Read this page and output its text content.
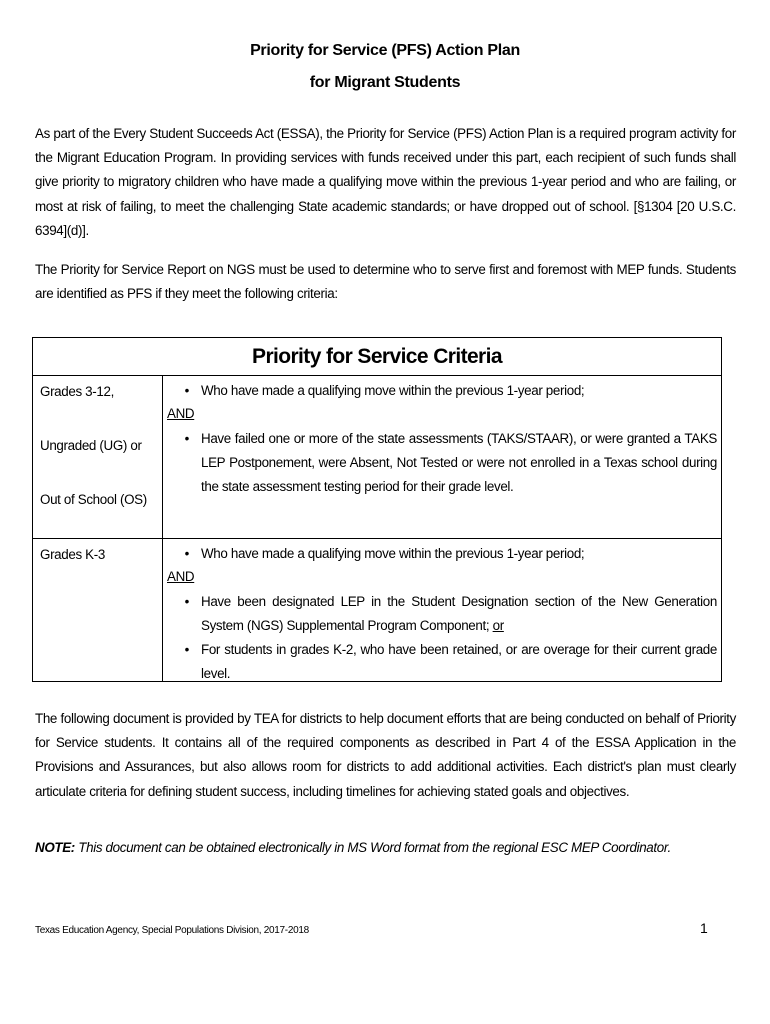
Priority for Service (PFS) Action Plan
for Migrant Students
As part of the Every Student Succeeds Act (ESSA), the Priority for Service (PFS) Action Plan is a required program activity for the Migrant Education Program. In providing services with funds received under this part, each recipient of such funds shall give priority to migratory children who have made a qualifying move within the previous 1-year period and who are failing, or most at risk of failing, to meet the challenging State academic standards; or have dropped out of school. [§1304 [20 U.S.C. 6394](d)].
The Priority for Service Report on NGS must be used to determine who to serve first and foremost with MEP funds. Students are identified as PFS if they meet the following criteria:
Priority for Service Criteria
Grades 3-12,
Ungraded (UG) or
Out of School (OS)
• Who have made a qualifying move within the previous 1-year period;
AND
• Have failed one or more of the state assessments (TAKS/STAAR), or were granted a TAKS LEP Postponement, were Absent, Not Tested or were not enrolled in a Texas school during the state assessment testing period for their grade level.
Grades K-3	• Who have made a qualifying move within the previous 1-year period;
AND
• Have been designated LEP in the Student Designation section of the New Generation System (NGS) Supplemental Program Component; or
• For students in grades K-2, who have been retained, or are overage for their current grade level.
The following document is provided by TEA for districts to help document efforts that are being conducted on behalf of Priority for Service students. It contains all of the required components as described in Part 4 of the ESSA Application in the Provisions and Assurances, but also allows room for districts to add additional activities. Each district's plan must clearly articulate criteria for defining student success, including timelines for achieving stated goals and objectives.
NOTE: This document can be obtained electronically in MS Word format from the regional ESC MEP Coordinator.
Texas Education Agency, Special Populations Division, 2017-2018	1
